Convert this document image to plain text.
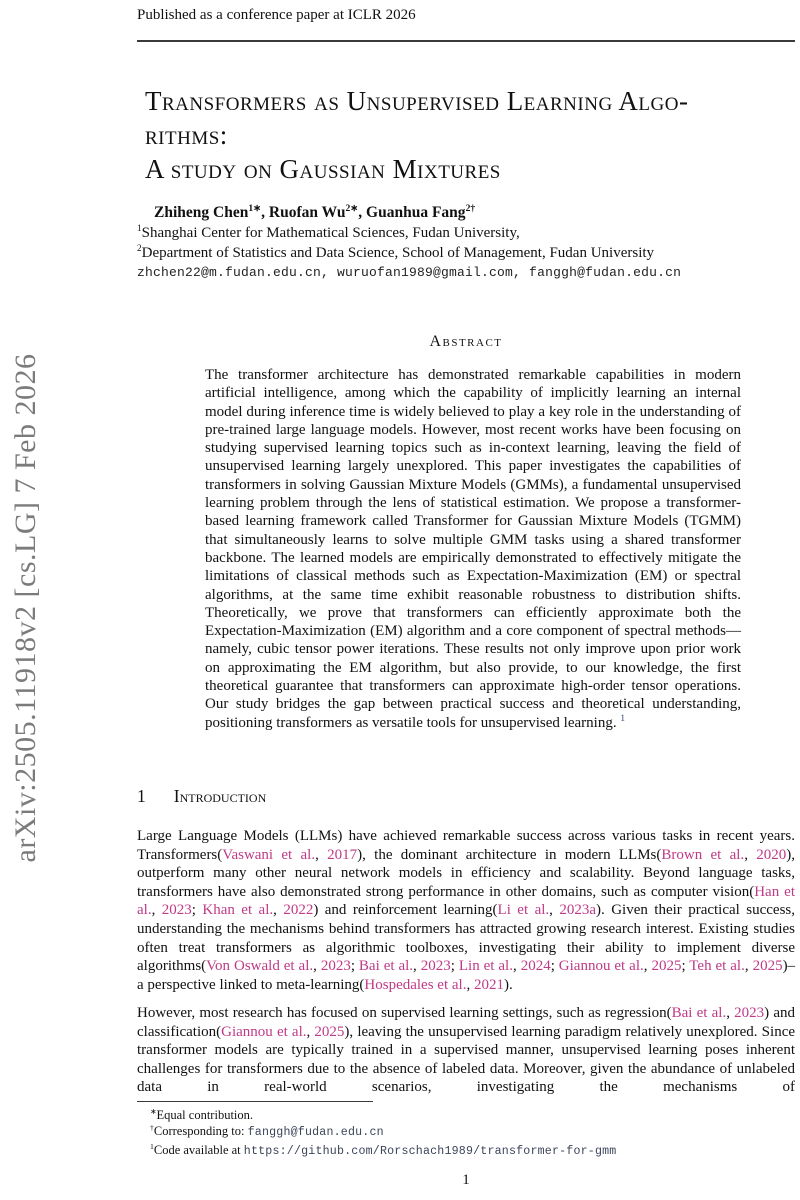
Published as a conference paper at ICLR 2026
arXiv:2505.11918v2 [cs.LG] 7 Feb 2026
Transformers as Unsupervised Learning Algo-
rithms:
A study on Gaussian Mixtures
Zhiheng Chen$^{1∗}$, Ruofan $Wu^{2∗}$, Guanhua Fang$^{2\dagger}$
$^1$Shanghai Center for Mathematical Sciences, Fudan University,
$^2$Department of Statistics and Data Science, School of Management, Fudan University
zhchen22@m.fudan.edu.cn, wuruofan1989@gmail.com, fanggh@fudan.edu.cn
Abstract
The transformer architecture has demonstrated remarkable capabilities in modern artificial intelligence, among which the capability of implicitly learning an internal model during inference time is widely believed to play a key role in the understanding of pre-trained large language models. However, most recent works have been focusing on studying supervised learning topics such as in-context learning, leaving the field of unsupervised learning largely unexplored. This paper investigates the capabilities of transformers in solving Gaussian Mixture Models (GMMs), a fundamental unsupervised learning problem through the lens of statistical estimation. We propose a transformer-based learning framework called Transformer for Gaussian Mixture Models (TGMM) that simultaneously learns to solve multiple GMM tasks using a shared transformer backbone. The learned models are empirically demonstrated to effectively mitigate the limitations of classical methods such as Expectation-Maximization (EM) or spectral algorithms, at the same time exhibit reasonable robustness to distribution shifts. Theoretically, we prove that transformers can efficiently approximate both the Expectation-Maximization (EM) algorithm and a core component of spectral methods—namely, cubic tensor power iterations. These results not only improve upon prior work on approximating the EM algorithm, but also provide, to our knowledge, the first theoretical guarantee that transformers can approximate high-order tensor operations. Our study bridges the gap between practical success and theoretical understanding, positioning transformers as versatile tools for unsupervised learning. $^1$
1 Introduction
Large Language Models (LLMs) have achieved remarkable success across various tasks in recent years. Transformers(Vaswani et al., 2017), the dominant architecture in modern LLMs(Brown et al., 2020), outperform many other neural network models in efficiency and scalability. Beyond language tasks, transformers have also demonstrated strong performance in other domains, such as computer vision(Han et al., 2023; Khan et al., 2022) and reinforcement learning(Li et al., 2023a). Given their practical success, understanding the mechanisms behind transformers has attracted growing research interest. Existing studies often treat transformers as algorithmic toolboxes, investigating their ability to implement diverse algorithms(Von Oswald et al., 2023; Bai et al., 2023; Lin et al., 2024; Giannou et al., 2025; Teh et al., 2025)–a perspective linked to meta-learning(Hospedales et al., 2021).
However, most research has focused on supervised learning settings, such as regression(Bai et al., 2023) and classification(Giannou et al., 2025), leaving the unsupervised learning paradigm relatively unexplored. Since transformer models are typically trained in a supervised manner, unsupervised learning poses inherent challenges for transformers due to the absence of labeled data. Moreover, given the abundance of unlabeled data in real-world scenarios, investigating the mechanisms of
∗Equal contribution.
†Corresponding to: fanggh@fudan.edu.cn
$^1$Code available at https://github.com/Rorschach1989/transformer-for-gmm
1
